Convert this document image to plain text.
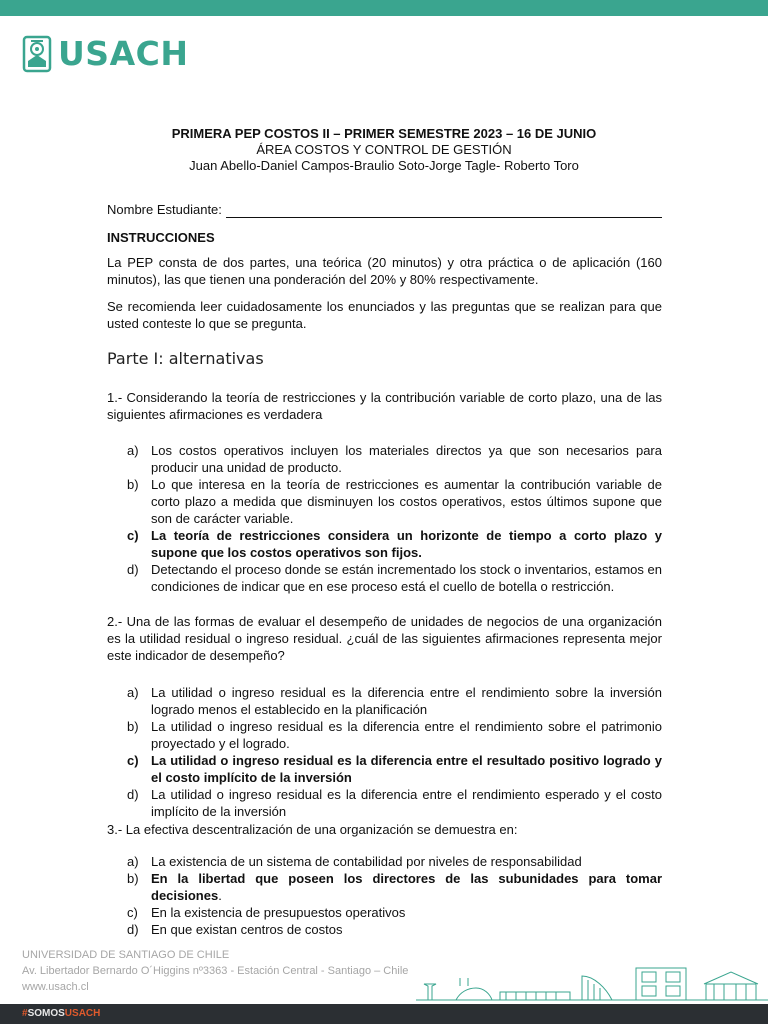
USACH
PRIMERA PEP COSTOS II – PRIMER SEMESTRE 2023 – 16 DE JUNIO
ÁREA COSTOS Y CONTROL DE GESTIÓN
Juan Abello-Daniel Campos-Braulio Soto-Jorge Tagle- Roberto Toro
Nombre Estudiante:
INSTRUCCIONES
La PEP consta de dos partes, una teórica (20 minutos) y otra práctica o de aplicación (160 minutos), las que tienen una ponderación del 20% y 80% respectivamente.
Se recomienda leer cuidadosamente los enunciados y las preguntas que se realizan para que usted conteste lo que se pregunta.
Parte I: alternativas
1.- Considerando la teoría de restricciones y la contribución variable de corto plazo, una de las siguientes afirmaciones es verdadera
a) Los costos operativos incluyen los materiales directos ya que son necesarios para producir una unidad de producto.
b) Lo que interesa en la teoría de restricciones es aumentar la contribución variable de corto plazo a medida que disminuyen los costos operativos, estos últimos supone que son de carácter variable.
c) La teoría de restricciones considera un horizonte de tiempo a corto plazo y supone que los costos operativos son fijos.
d) Detectando el proceso donde se están incrementado los stock o inventarios, estamos en condiciones de indicar que en ese proceso está el cuello de botella o restricción.
2.- Una de las formas de evaluar el desempeño de unidades de negocios de una organización es la utilidad residual o ingreso residual. ¿cuál de las siguientes afirmaciones representa mejor este indicador de desempeño?
a) La utilidad o ingreso residual es la diferencia entre el rendimiento sobre la inversión logrado menos el establecido en la planificación
b) La utilidad o ingreso residual es la diferencia entre el rendimiento sobre el patrimonio proyectado y el logrado.
c) La utilidad o ingreso residual es la diferencia entre el resultado positivo logrado y el costo implícito de la inversión
d) La utilidad o ingreso residual es la diferencia entre el rendimiento esperado y el costo implícito de la inversión
3.- La efectiva descentralización de una organización se demuestra en:
a) La existencia de un sistema de contabilidad por niveles de responsabilidad
b) En la libertad que poseen los directores de las subunidades para tomar decisiones.
c)	En la existencia de presupuestos operativos
d) En que existan centros de costos
UNIVERSIDAD DE SANTIAGO DE CHILE
Av. Libertador Bernardo O´Higgins nº3363 - Estación Central - Santiago – Chile
www.usach.cl
#SOMOSUSACH
